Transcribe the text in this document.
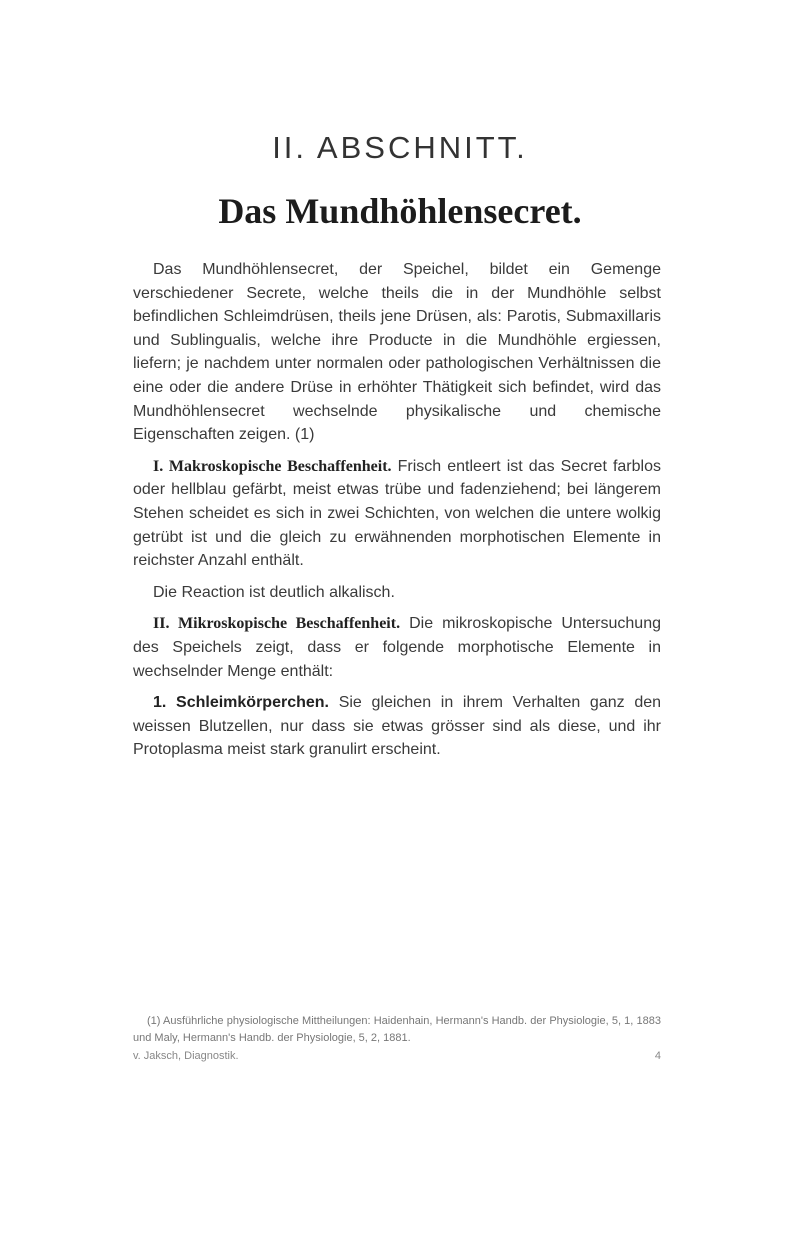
II. ABSCHNITT.
Das Mundhöhlensecret.

Das Mundhöhlensecret, der Speichel, bildet ein Gemenge verschiedener Secrete, welche theils die in der Mundhöhle selbst befindlichen Schleimdrüsen, theils jene Drüsen, als: Parotis, Submaxillaris und Sublingualis, welche ihre Producte in die Mundhöhle ergiessen, liefern; je nachdem unter normalen oder pathologischen Verhältnissen die eine oder die andere Drüse in erhöhter Thätigkeit sich befindet, wird das Mundhöhlensecret wechselnde physikalische und chemische Eigenschaften zeigen. (1)

I. Makroskopische Beschaffenheit. Frisch entleert ist das Secret farblos oder hellblau gefärbt, meist etwas trübe und fadenziehend; bei längerem Stehen scheidet es sich in zwei Schichten, von welchen die untere wolkig getrübt ist und die gleich zu erwähnenden morphotischen Elemente in reichster Anzahl enthält.

Die Reaction ist deutlich alkalisch.

II. Mikroskopische Beschaffenheit. Die mikroskopische Untersuchung des Speichels zeigt, dass er folgende morphotische Elemente in wechselnder Menge enthält:

1. Schleimkörperchen. Sie gleichen in ihrem Verhalten ganz den weissen Blutzellen, nur dass sie etwas grösser sind als diese, und ihr Protoplasma meist stark granulirt erscheint.

(1) Ausführliche physiologische Mittheilungen: Haidenhain, Hermann's Handb. der Physiologie, 5, 1, 1883 und Maly, Hermann's Handb. der Physiologie, 5, 2, 1881.

v. Jaksch, Diagnostik.	4
